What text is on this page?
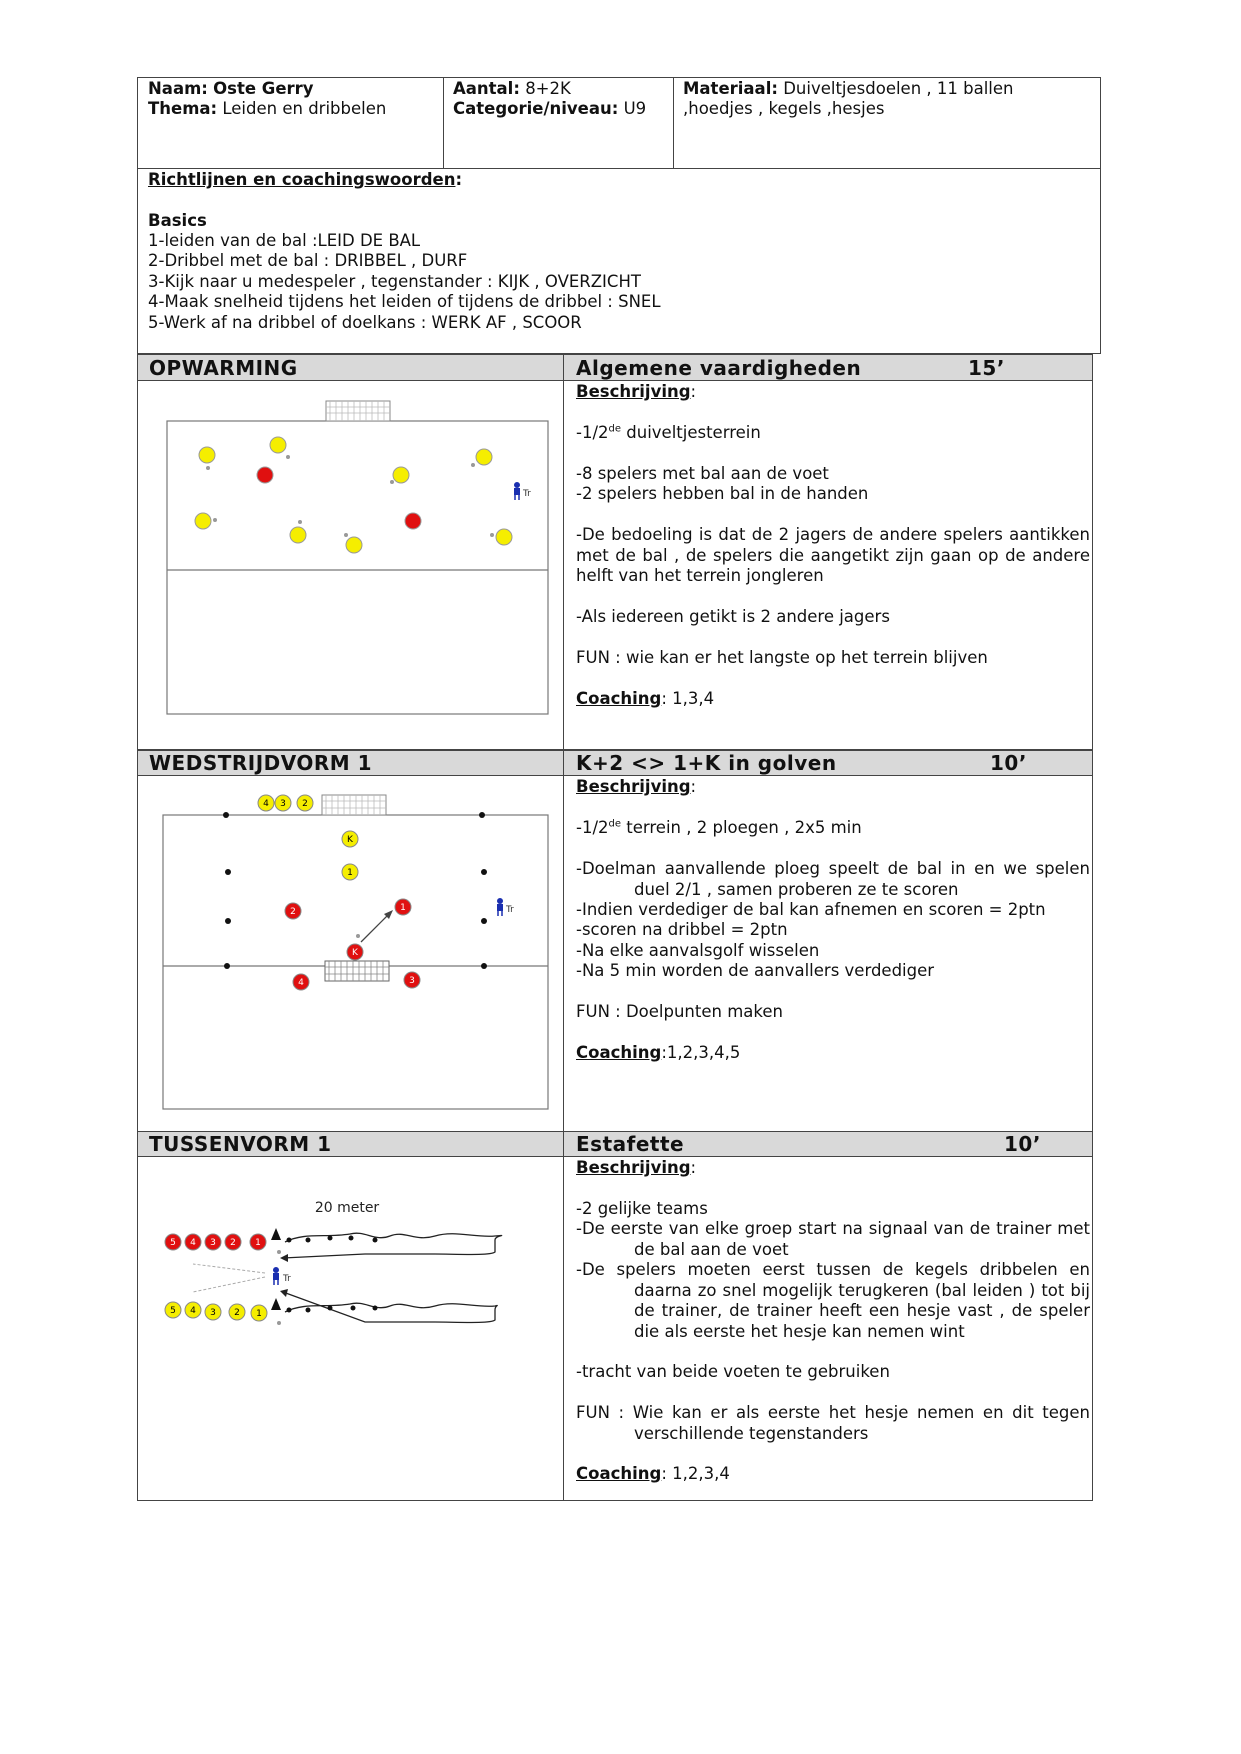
Naam: Oste Gerry
Thema: Leiden en dribbelen
Aantal: 8+2K
Categorie/niveau: U9
Materiaal: Duiveltjesdoelen , 11 ballen
,hoedjes , kegels ,hesjes
Richtlijnen en coachingswoorden:
Basics
1-leiden van de bal :LEID DE BAL
2-Dribbel met de bal : DRIBBEL , DURF
3-Kijk naar u medespeler , tegenstander : KIJK , OVERZICHT
4-Maak snelheid tijdens het leiden of tijdens de dribbel : SNEL
5-Werk af na dribbel of doelkans : WERK AF , SCOOR
OPWARMING	Algemene vaardigheden	15’
Beschrijving:
-1/2de duiveltjesterrein
-8 spelers met bal aan de voet
-2 spelers hebben bal in de handen
-De bedoeling is dat de 2 jagers de andere spelers aantikken met de bal , de spelers die aangetikt zijn gaan op de andere helft van het terrein jongleren
-Als iedereen getikt is 2 andere jagers
FUN : wie kan er het langste op het terrein blijven
Coaching: 1,3,4
Tr
WEDSTRIJDVORM 1	K+2 <> 1+K in golven	10’
Beschrijving:
-1/2de terrein , 2 ploegen , 2x5 min
-Doelman aanvallende ploeg speelt de bal in en we spelen duel 2/1 , samen proberen ze te scoren
-Indien verdediger de bal kan afnemen en scoren = 2ptn
-scoren na dribbel = 2ptn
-Na elke aanvalsgolf wisselen
-Na 5 min worden de aanvallers verdediger
FUN : Doelpunten maken
Coaching:1,2,3,4,5
4 3 2
K
1
2	1
K
4	3
Tr
TUSSENVORM 1	Estafette	10’
Beschrijving:
-2 gelijke teams
-De eerste van elke groep start na signaal van de trainer met de bal aan de voet
-De spelers moeten eerst tussen de kegels dribbelen en daarna zo snel mogelijk terugkeren (bal leiden ) tot bij de trainer, de trainer heeft een hesje vast , de speler die als eerste het hesje kan nemen wint
-tracht van beide voeten te gebruiken
FUN : Wie kan er als eerste het hesje nemen en dit tegen verschillende tegenstanders
Coaching: 1,2,3,4
20 meter
5 4 3 2 1
5 4 3 2 1
Tr
